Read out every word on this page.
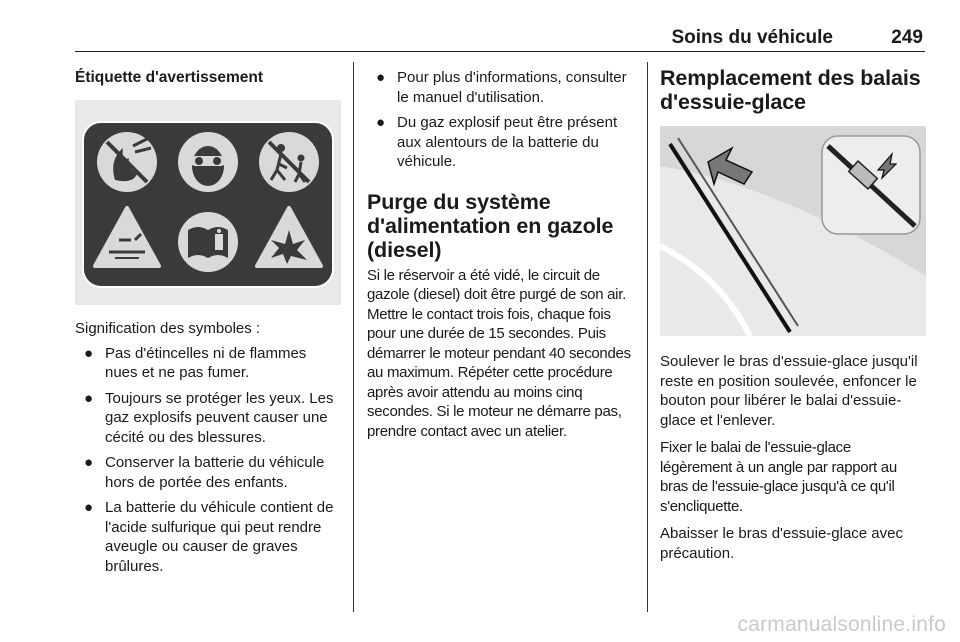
Soins du véhicule	249
Étiquette d'avertissement

Signification des symboles :

● Pas d'étincelles ni de flammes nues et ne pas fumer.
● Toujours se protéger les yeux. Les gaz explosifs peuvent causer une cécité ou des blessures.
● Conserver la batterie du véhicule hors de portée des enfants.
● La batterie du véhicule contient de l'acide sulfurique qui peut rendre aveugle ou causer de graves brûlures.
● Pour plus d'informations, consulter le manuel d'utilisation.
● Du gaz explosif peut être présent aux alentours de la batterie du véhicule.
Purge du système d'alimentation en gazole (diesel)

Si le réservoir a été vidé, le circuit de gazole (diesel) doit être purgé de son air. Mettre le contact trois fois, chaque fois pour une durée de 15 secondes. Puis démarrer le moteur pendant 40 secondes au maximum. Répéter cette procédure après avoir attendu au moins cinq secondes. Si le moteur ne démarre pas, prendre contact avec un atelier.

Remplacement des balais d'essuie-glace

Soulever le bras d'essuie-glace jusqu'il reste en position soulevée, enfoncer le bouton pour libérer le balai d'essuie-glace et l'enlever.

Fixer le balai de l'essuie-glace légèrement à un angle par rapport au bras de l'essuie-glace jusqu'à ce qu'il s'encliquette.

Abaisser le bras d'essuie-glace avec précaution.

carmanualsonline.info
